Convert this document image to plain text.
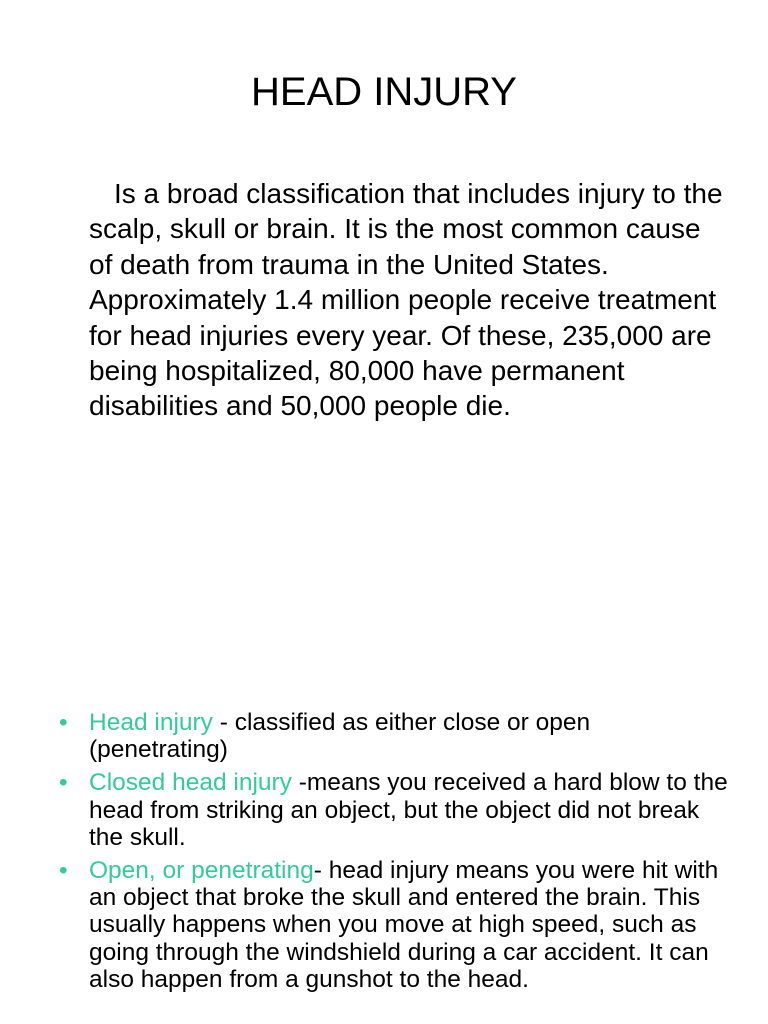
HEAD INJURY

Is a broad classification that includes injury to the scalp, skull or brain. It is the most common cause of death from trauma in the United States. Approximately 1.4 million people receive treatment for head injuries every year. Of these, 235,000 are being hospitalized, 80,000 have permanent disabilities and 50,000 people die.

• Head injury - classified as either close or open (penetrating)
• Closed head injury -means you received a hard blow to the head from striking an object, but the object did not break the skull.
• Open, or penetrating- head injury means you were hit with an object that broke the skull and entered the brain. This usually happens when you move at high speed, such as going through the windshield during a car accident. It can also happen from a gunshot to the head.
